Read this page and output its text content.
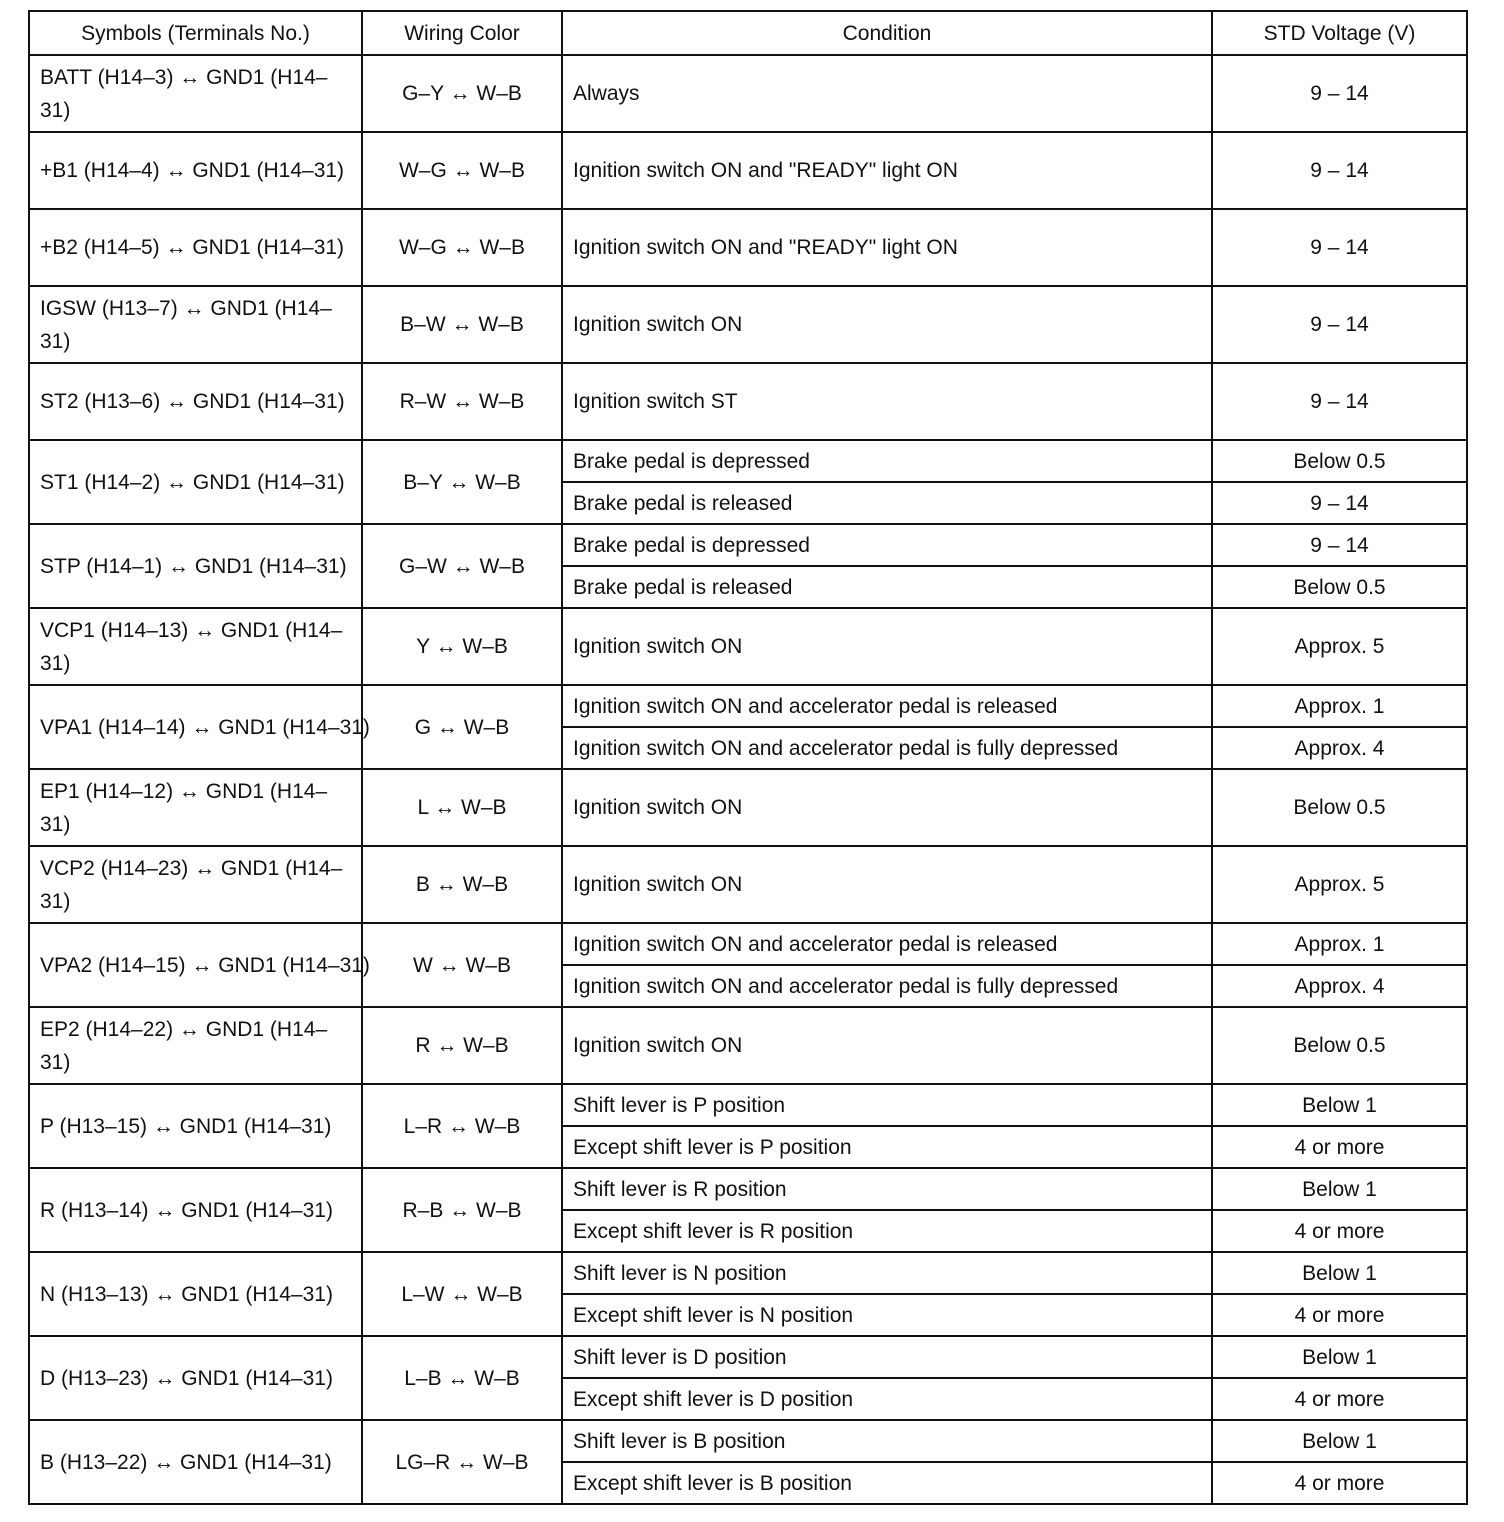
Symbols (Terminals No.)	Wiring Color	Condition	STD Voltage (V)
BATT (H14–3) ↔ GND1 (H14–31)	G–Y ↔ W–B	Always	9 – 14
+B1 (H14–4) ↔ GND1 (H14–31)	W–G ↔ W–B	Ignition switch ON and "READY" light ON	9 – 14
+B2 (H14–5) ↔ GND1 (H14–31)	W–G ↔ W–B	Ignition switch ON and "READY" light ON	9 – 14
IGSW (H13–7) ↔ GND1 (H14–31)	B–W ↔ W–B	Ignition switch ON	9 – 14
ST2 (H13–6) ↔ GND1 (H14–31)	R–W ↔ W–B	Ignition switch ST	9 – 14
ST1 (H14–2) ↔ GND1 (H14–31)	B–Y ↔ W–B	Brake pedal is depressed	Below 0.5
		Brake pedal is released	9 – 14
STP (H14–1) ↔ GND1 (H14–31)	G–W ↔ W–B	Brake pedal is depressed	9 – 14
		Brake pedal is released	Below 0.5
VCP1 (H14–13) ↔ GND1 (H14–31)	Y ↔ W–B	Ignition switch ON	Approx. 5
VPA1 (H14–14) ↔ GND1 (H14–31)	G ↔ W–B	Ignition switch ON and accelerator pedal is released	Approx. 1
		Ignition switch ON and accelerator pedal is fully depressed	Approx. 4
EP1 (H14–12) ↔ GND1 (H14–31)	L ↔ W–B	Ignition switch ON	Below 0.5
VCP2 (H14–23) ↔ GND1 (H14–31)	B ↔ W–B	Ignition switch ON	Approx. 5
VPA2 (H14–15) ↔ GND1 (H14–31)	W ↔ W–B	Ignition switch ON and accelerator pedal is released	Approx. 1
		Ignition switch ON and accelerator pedal is fully depressed	Approx. 4
EP2 (H14–22) ↔ GND1 (H14–31)	R ↔ W–B	Ignition switch ON	Below 0.5
P (H13–15) ↔ GND1 (H14–31)	L–R ↔ W–B	Shift lever is P position	Below 1
		Except shift lever is P position	4 or more
R (H13–14) ↔ GND1 (H14–31)	R–B ↔ W–B	Shift lever is R position	Below 1
		Except shift lever is R position	4 or more
N (H13–13) ↔ GND1 (H14–31)	L–W ↔ W–B	Shift lever is N position	Below 1
		Except shift lever is N position	4 or more
D (H13–23) ↔ GND1 (H14–31)	L–B ↔ W–B	Shift lever is D position	Below 1
		Except shift lever is D position	4 or more
B (H13–22) ↔ GND1 (H14–31)	LG–R ↔ W–B	Shift lever is B position	Below 1
		Except shift lever is B position	4 or more
